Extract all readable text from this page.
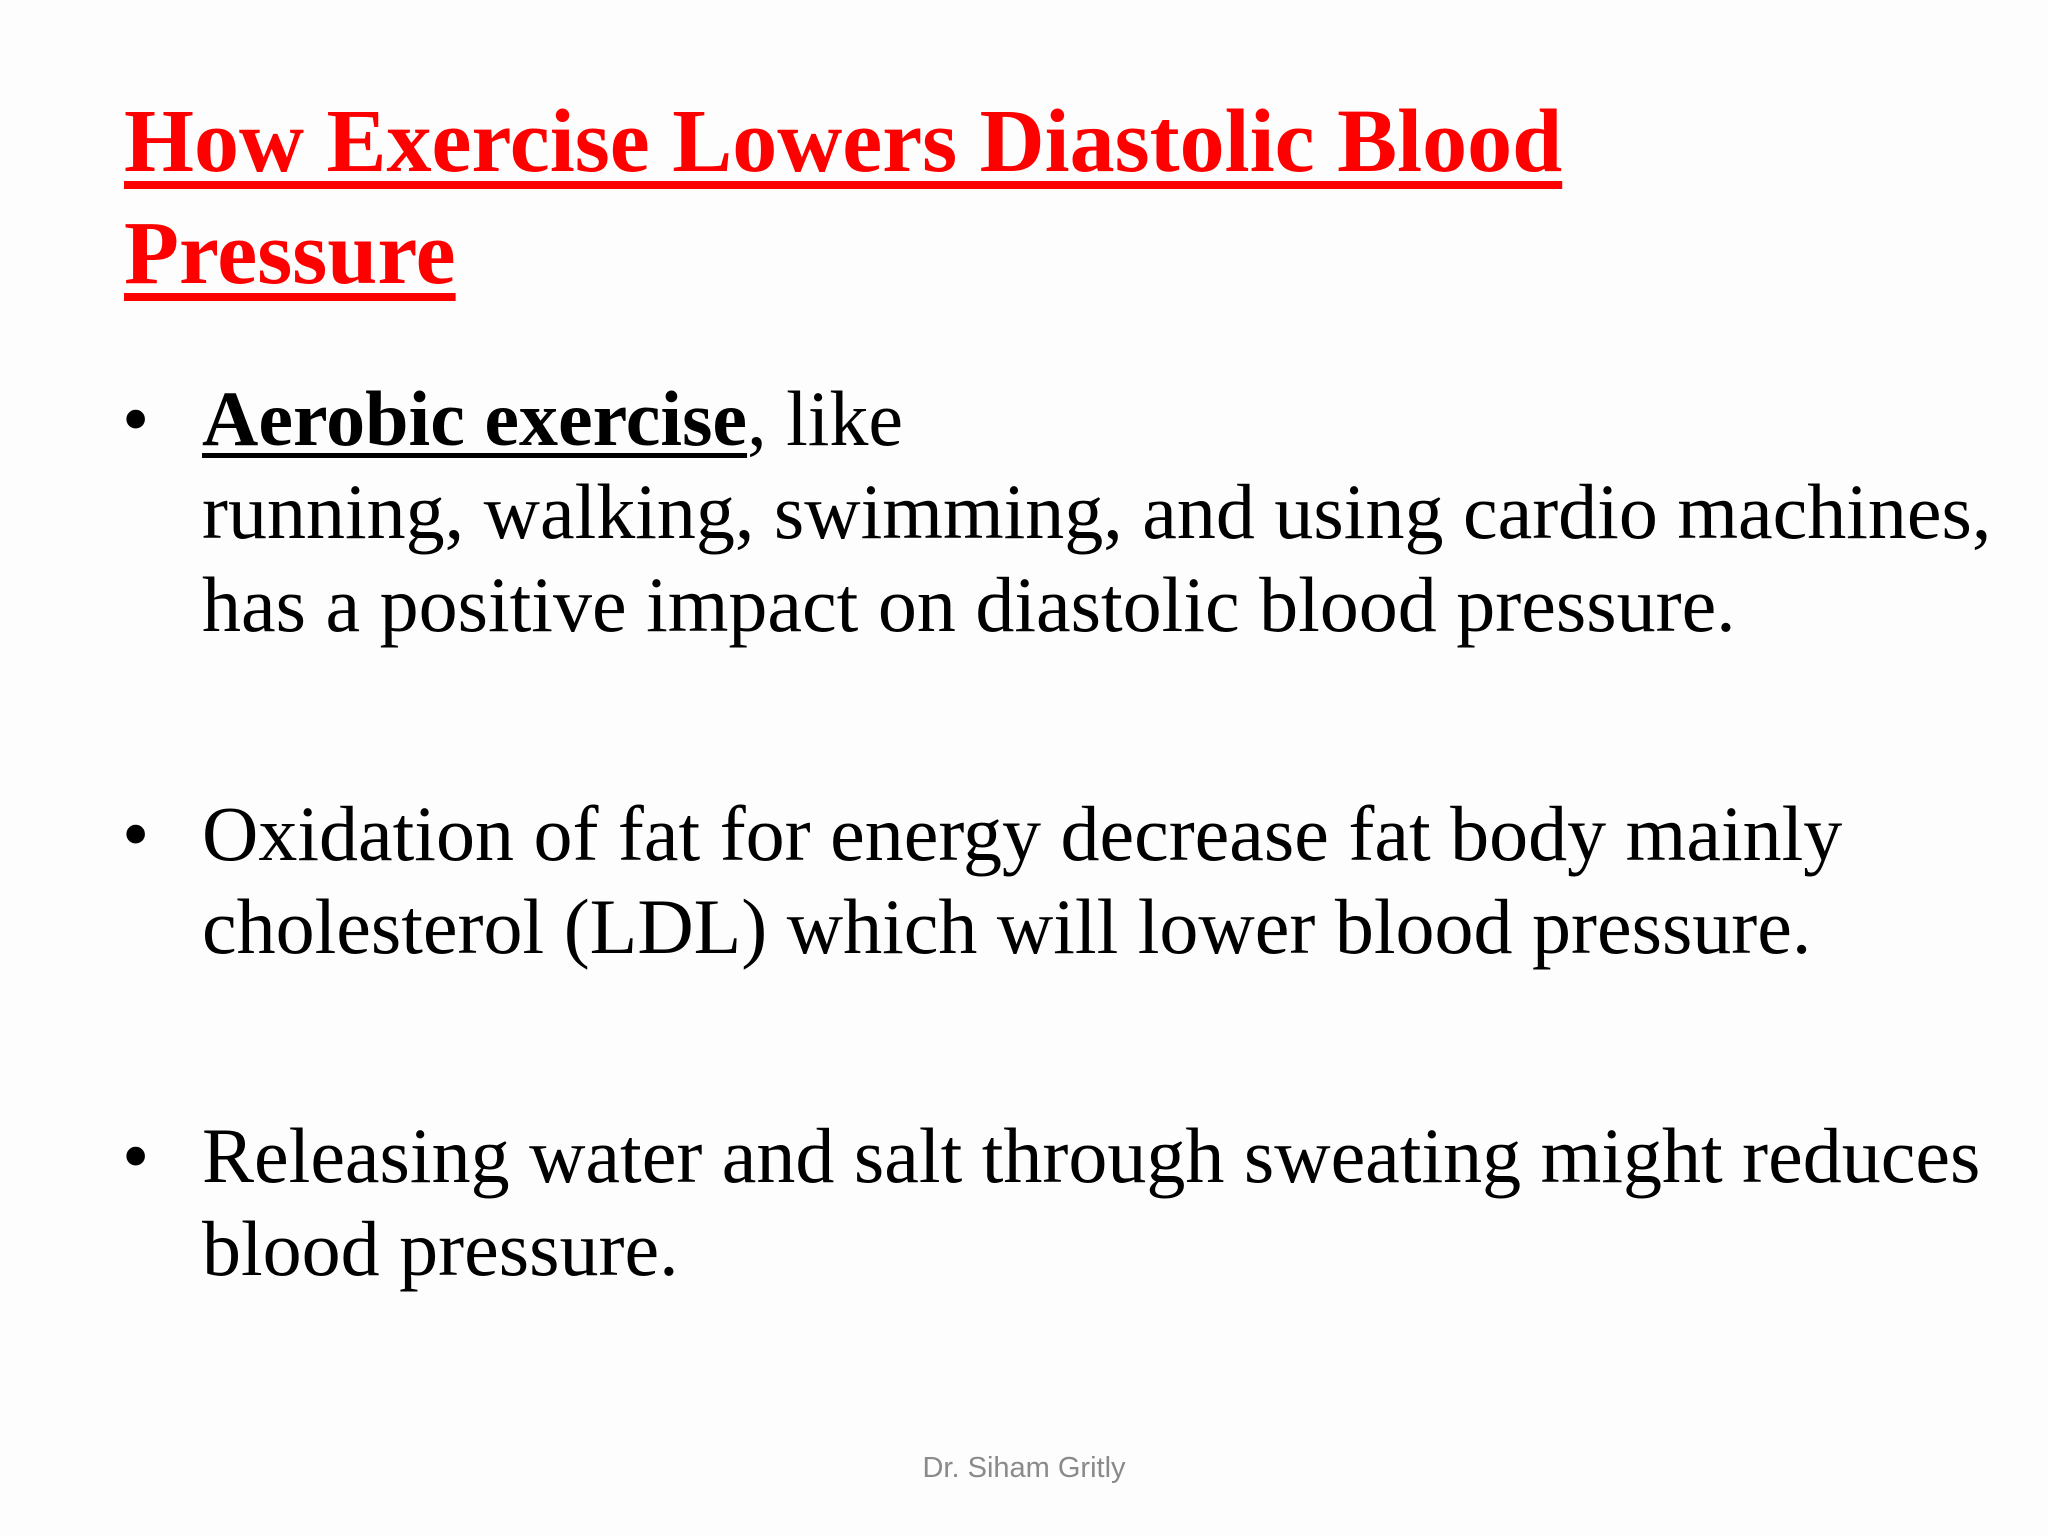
How Exercise Lowers Diastolic Blood Pressure
• Aerobic exercise, like
running, walking, swimming, and using cardio machines, has a positive impact on diastolic blood pressure.
• Oxidation of fat for energy decrease fat body mainly cholesterol (LDL) which will lower blood pressure.
• Releasing water and salt through sweating might reduces blood pressure.
Dr. Siham Gritly
